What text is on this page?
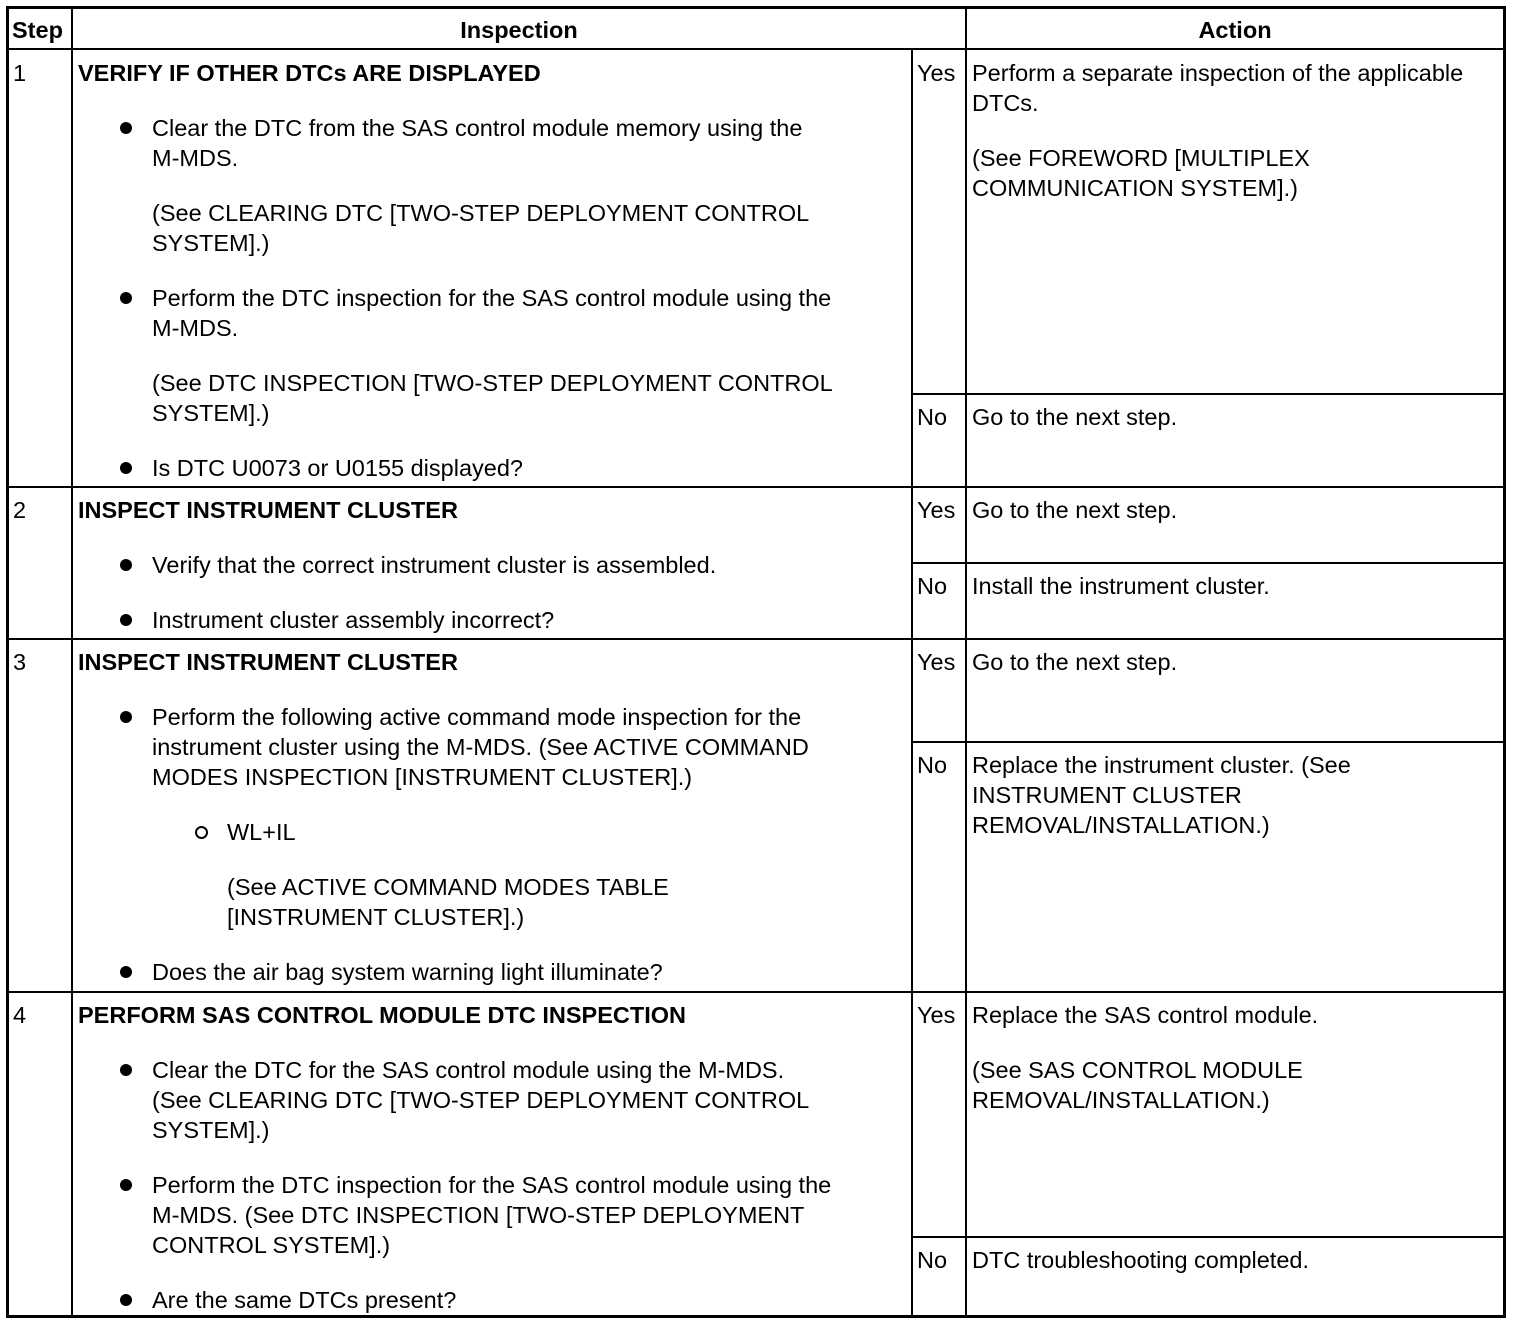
Step	Inspection	Action
1 VERIFY IF OTHER DTCs ARE DISPLAYED
Clear the DTC from the SAS control module memory using the
M-MDS.
(See CLEARING DTC [TWO-STEP DEPLOYMENT CONTROL
SYSTEM].)
Perform the DTC inspection for the SAS control module using the
M-MDS.
(See DTC INSPECTION [TWO-STEP DEPLOYMENT CONTROL
SYSTEM].)
Is DTC U0073 or U0155 displayed?
Yes Perform a separate inspection of the applicable
DTCs.
(See FOREWORD [MULTIPLEX
COMMUNICATION SYSTEM].)
No Go to the next step.
2 INSPECT INSTRUMENT CLUSTER
Verify that the correct instrument cluster is assembled.
Instrument cluster assembly incorrect?
Yes Go to the next step.
No Install the instrument cluster.
3 INSPECT INSTRUMENT CLUSTER
Perform the following active command mode inspection for the
instrument cluster using the M-MDS. (See ACTIVE COMMAND
MODES INSPECTION [INSTRUMENT CLUSTER].)
WL+IL
(See ACTIVE COMMAND MODES TABLE
[INSTRUMENT CLUSTER].)
Does the air bag system warning light illuminate?
Yes Go to the next step.
No Replace the instrument cluster. (See
INSTRUMENT CLUSTER
REMOVAL/INSTALLATION.)
4 PERFORM SAS CONTROL MODULE DTC INSPECTION
Clear the DTC for the SAS control module using the M-MDS.
(See CLEARING DTC [TWO-STEP DEPLOYMENT CONTROL
SYSTEM].)
Perform the DTC inspection for the SAS control module using the
M-MDS. (See DTC INSPECTION [TWO-STEP DEPLOYMENT
CONTROL SYSTEM].)
Are the same DTCs present?
Yes Replace the SAS control module.
(See SAS CONTROL MODULE
REMOVAL/INSTALLATION.)
No DTC troubleshooting completed.
